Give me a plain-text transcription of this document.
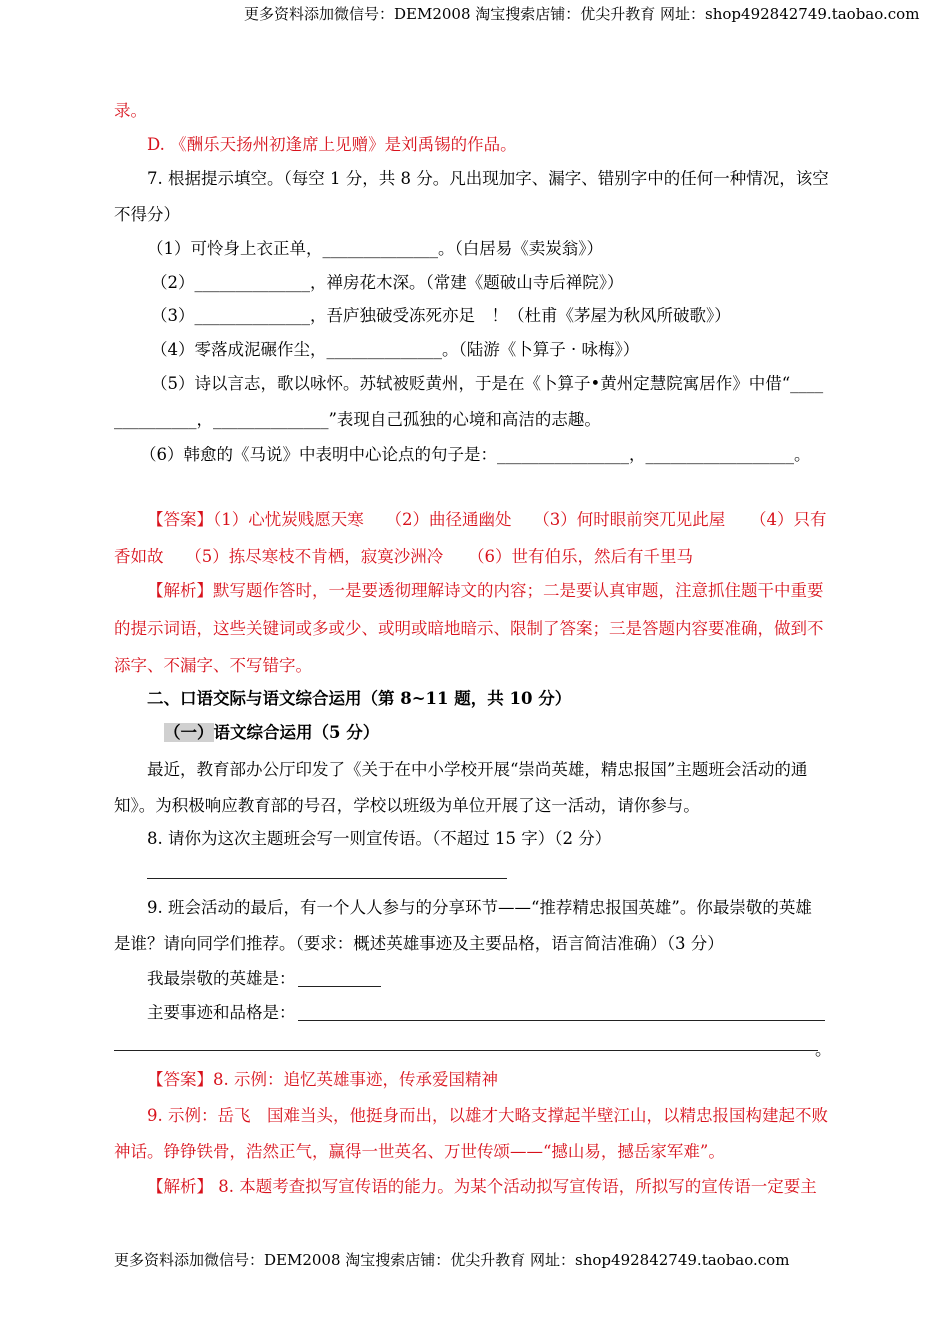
更多资料添加微信号：DEM2008 淘宝搜索店铺：优尖升教育 网址：shop492842749.taobao.com
录。
D. 《酬乐天扬州初逢席上见赠》是刘禹锡的作品。
7. 根据提示填空。（每空 1 分，共 8 分。凡出现加字、漏字、错别字中的任何一种情况，该空
不得分）
（1）可怜身上衣正单，______________。（白居易《卖炭翁》）
（2）______________，禅房花木深。（常建《题破山寺后禅院》）
（3）______________，吾庐独破受冻死亦足　！（杜甫《茅屋为秋风所破歌》）
（4）零落成泥碾作尘，______________。（陆游《卜算子 · 咏梅》）
（5）诗以言志，歌以咏怀。苏轼被贬黄州，于是在《卜算子•黄州定慧院寓居作》中借“____
__________，______________”表现自己孤独的心境和高洁的志趣。
（6）韩愈的《马说》中表明中心论点的句子是：________________，__________________。
【答案】（1）心忧炭贱愿天寒　 （2）曲径通幽处　 （3）何时眼前突兀见此屋　　（4）只有
香如故　 （5）拣尽寒枝不肯栖，寂寞沙洲冷　　（6）世有伯乐，然后有千里马
【解析】默写题作答时，一是要透彻理解诗文的内容；二是要认真审题，注意抓住题干中重要
的提示词语，这些关键词或多或少、或明或暗地暗示、限制了答案；三是答题内容要准确，做到不
添字、不漏字、不写错字。
二、口语交际与语文综合运用（第 8~11 题，共 10 分）
（一）语文综合运用（5 分）
最近，教育部办公厅印发了《关于在中小学校开展“崇尚英雄，精忠报国”主题班会活动的通
知》。为积极响应教育部的号召，学校以班级为单位开展了这一活动，请你参与。
8. 请你为这次主题班会写一则宣传语。（不超过 15 字）（2 分）
9. 班会活动的最后，有一个人人参与的分享环节——“推荐精忠报国英雄”。你最崇敬的英雄
是谁？请向同学们推荐。（要求：概述英雄事迹及主要品格，语言简洁准确）（3 分）
我最崇敬的英雄是：
主要事迹和品格是：
。
【答案】8. 示例：追忆英雄事迹，传承爱国精神
9. 示例：岳飞　国难当头，他挺身而出，以雄才大略支撑起半壁江山，以精忠报国构建起不败
神话。铮铮铁骨，浩然正气，赢得一世英名、万世传颂——“撼山易，撼岳家军难”。
【解析】 8. 本题考查拟写宣传语的能力。为某个活动拟写宣传语，所拟写的宣传语一定要主
更多资料添加微信号：DEM2008 淘宝搜索店铺：优尖升教育 网址：shop492842749.taobao.com
